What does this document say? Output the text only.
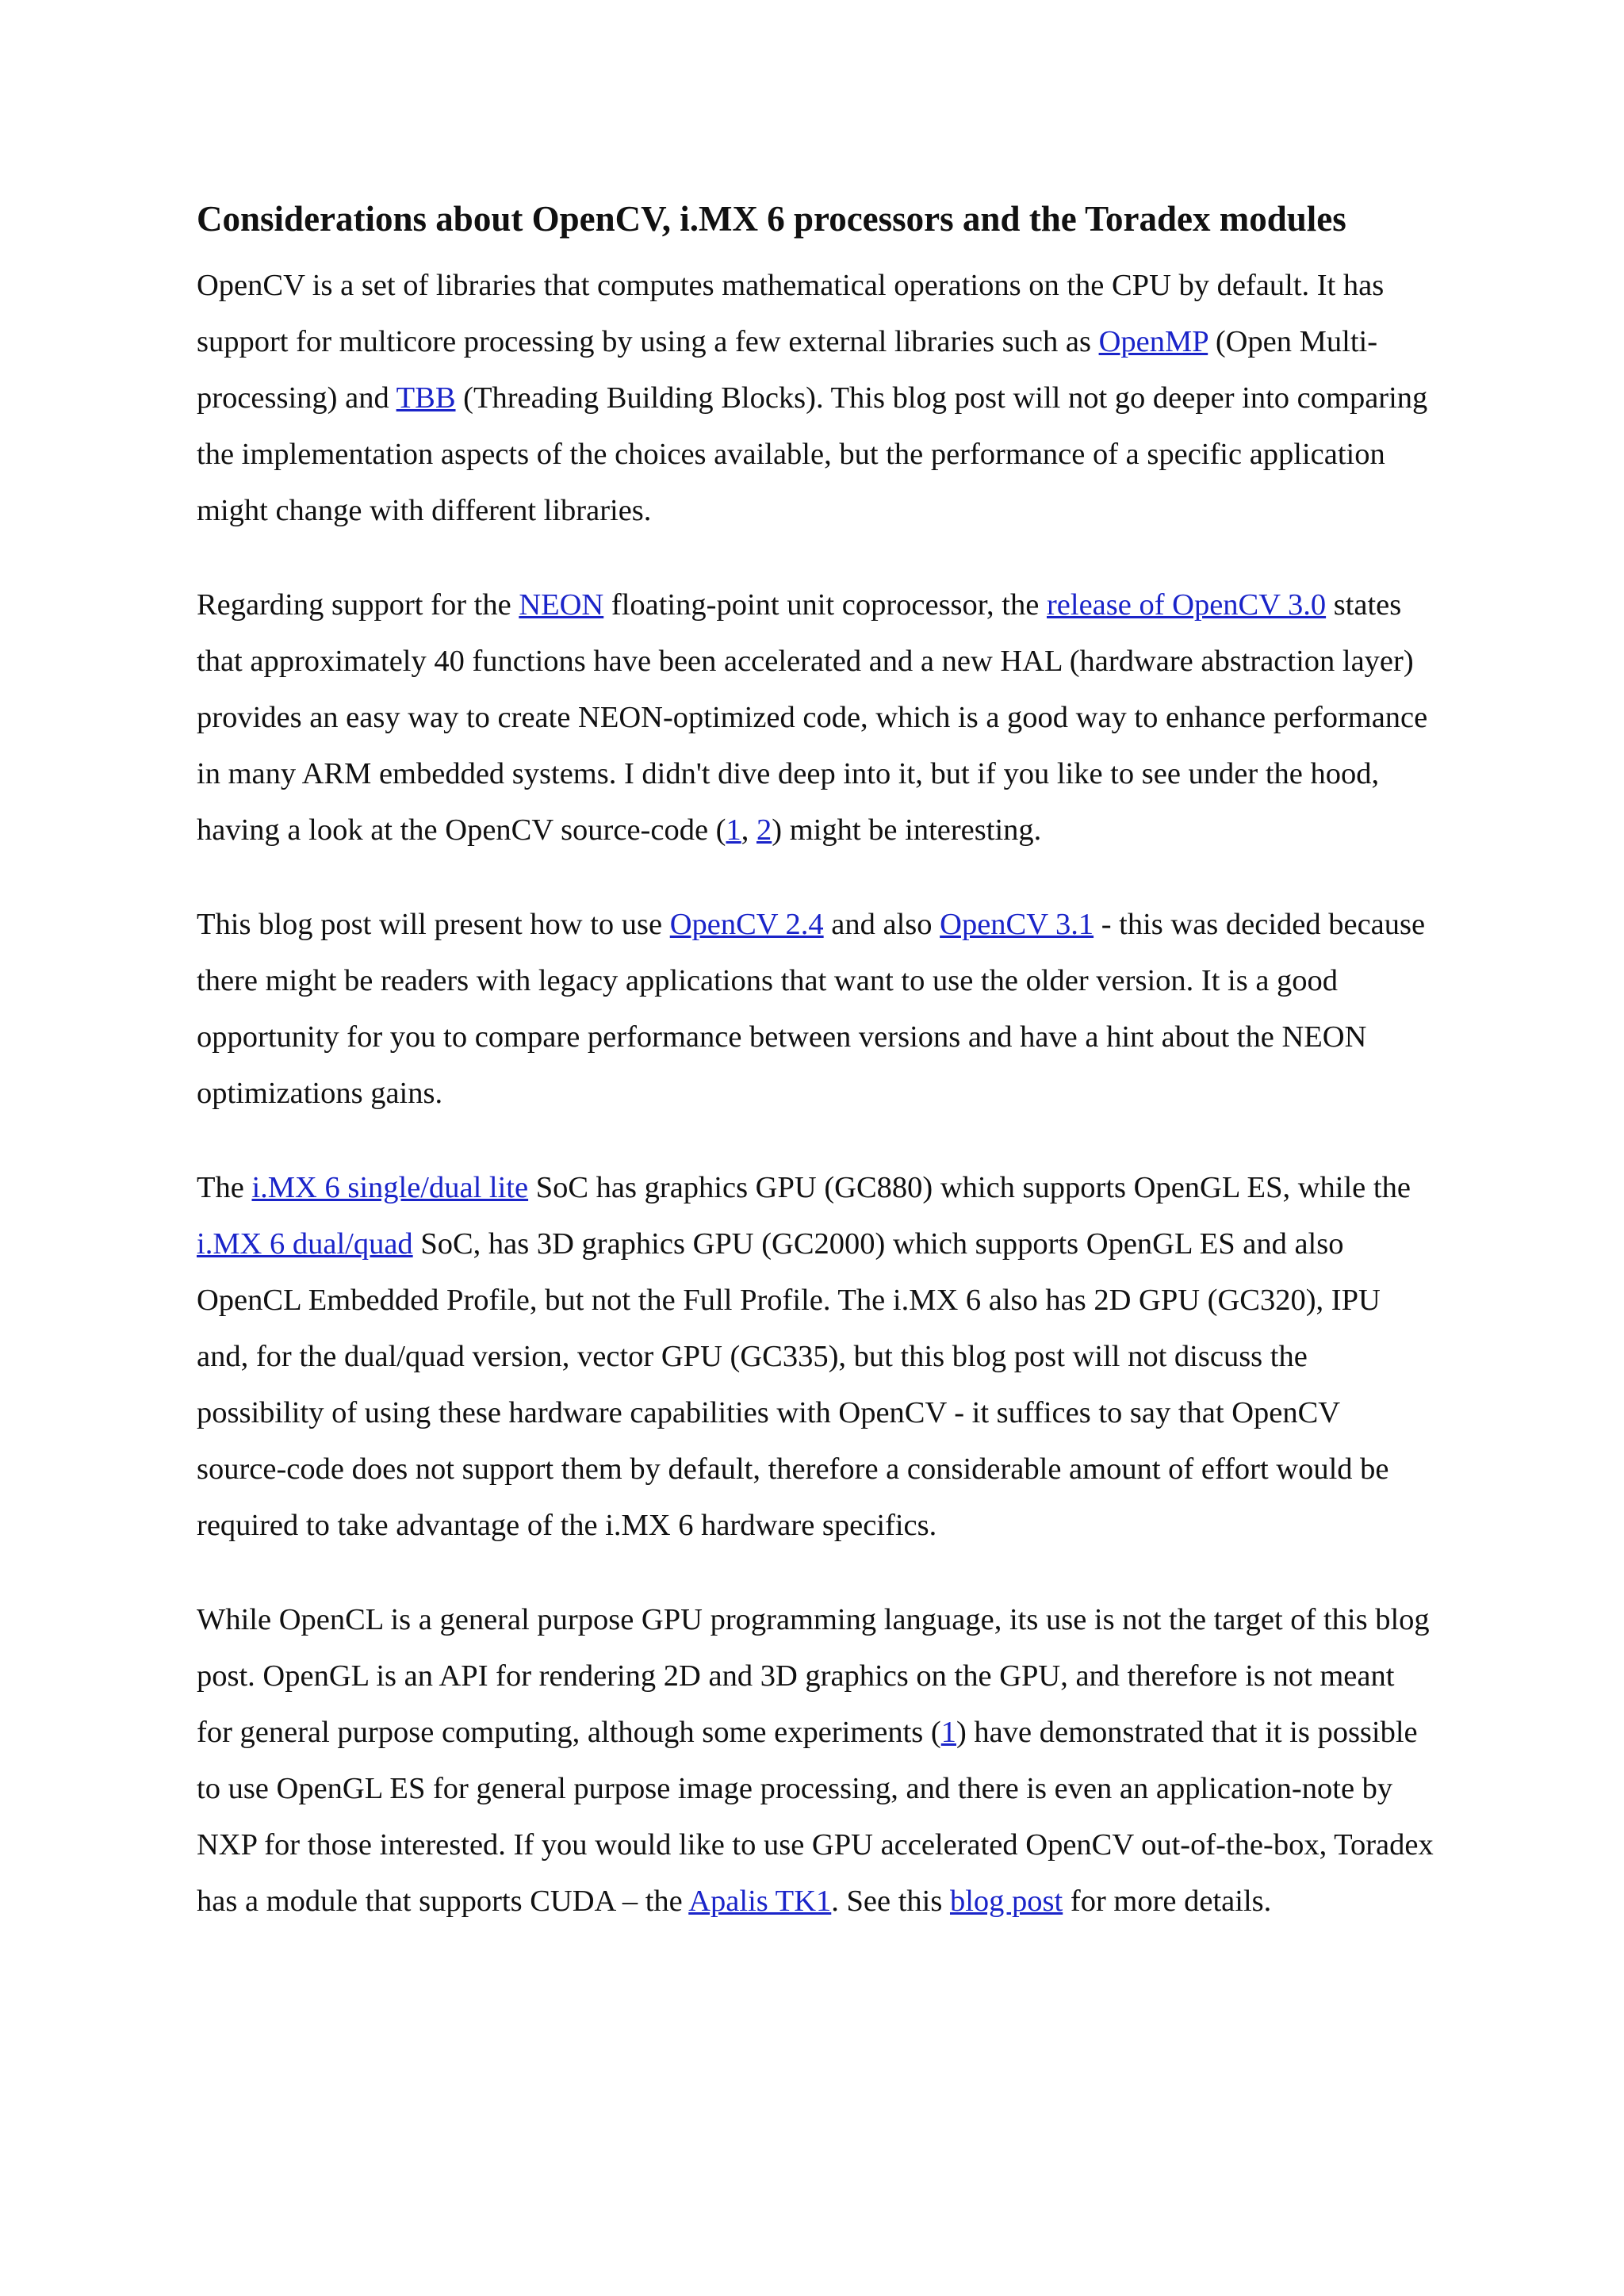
Considerations about OpenCV, i.MX 6 processors and the Toradex modules

OpenCV is a set of libraries that computes mathematical operations on the CPU by default. It has support for multicore processing by using a few external libraries such as OpenMP (Open Multi-processing) and TBB (Threading Building Blocks). This blog post will not go deeper into comparing the implementation aspects of the choices available, but the performance of a specific application might change with different libraries.

Regarding support for the NEON floating-point unit coprocessor, the release of OpenCV 3.0 states that approximately 40 functions have been accelerated and a new HAL (hardware abstraction layer) provides an easy way to create NEON-optimized code, which is a good way to enhance performance in many ARM embedded systems. I didn't dive deep into it, but if you like to see under the hood, having a look at the OpenCV source-code (1, 2) might be interesting.

This blog post will present how to use OpenCV 2.4 and also OpenCV 3.1 - this was decided because there might be readers with legacy applications that want to use the older version. It is a good opportunity for you to compare performance between versions and have a hint about the NEON optimizations gains.

The i.MX 6 single/dual lite SoC has graphics GPU (GC880) which supports OpenGL ES, while the i.MX 6 dual/quad SoC, has 3D graphics GPU (GC2000) which supports OpenGL ES and also OpenCL Embedded Profile, but not the Full Profile. The i.MX 6 also has 2D GPU (GC320), IPU and, for the dual/quad version, vector GPU (GC335), but this blog post will not discuss the possibility of using these hardware capabilities with OpenCV - it suffices to say that OpenCV source-code does not support them by default, therefore a considerable amount of effort would be required to take advantage of the i.MX 6 hardware specifics.

While OpenCL is a general purpose GPU programming language, its use is not the target of this blog post. OpenGL is an API for rendering 2D and 3D graphics on the GPU, and therefore is not meant for general purpose computing, although some experiments (1) have demonstrated that it is possible to use OpenGL ES for general purpose image processing, and there is even an application-note by NXP for those interested. If you would like to use GPU accelerated OpenCV out-of-the-box, Toradex has a module that supports CUDA – the Apalis TK1. See this blog post for more details.
